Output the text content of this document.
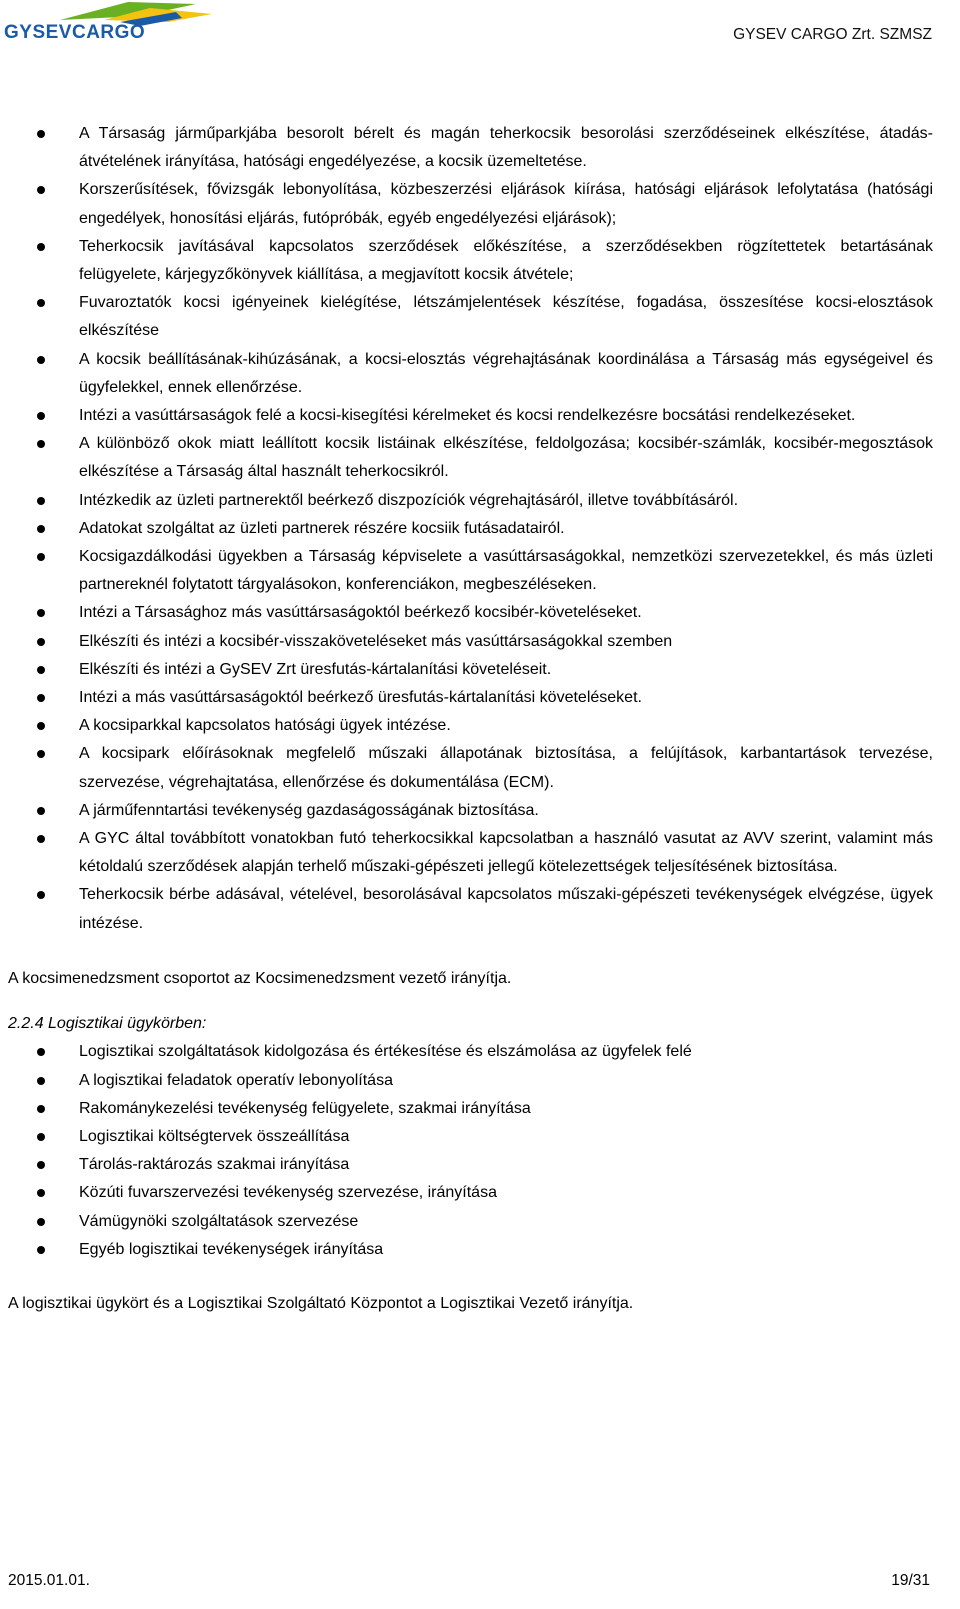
GYSEVCARGO	GYSEV CARGO Zrt. SZMSZ
A Társaság járműparkjába besorolt bérelt és magán teherkocsik besorolási szerződéseinek elkészítése, átadás-átvételének irányítása, hatósági engedélyezése, a kocsik üzemeltetése.
Korszerűsítések, fővizsgák lebonyolítása, közbeszerzési eljárások kiírása, hatósági eljárások lefolytatása (hatósági engedélyek, honosítási eljárás, futópróbák, egyéb engedélyezési eljárások);
Teherkocsik javításával kapcsolatos szerződések előkészítése, a szerződésekben rögzítettetek betartásának felügyelete, kárjegyzőkönyvek kiállítása, a megjavított kocsik átvétele;
Fuvaroztatók kocsi igényeinek kielégítése, létszámjelentések készítése, fogadása, összesítése kocsi-elosztások elkészítése
A kocsik beállításának-kihúzásának, a kocsi-elosztás végrehajtásának koordinálása a Társaság más egységeivel és ügyfelekkel, ennek ellenőrzése.
Intézi a vasúttársaságok felé a kocsi-kisegítési kérelmeket és kocsi rendelkezésre bocsátási rendelkezéseket.
A különböző okok miatt leállított kocsik listáinak elkészítése, feldolgozása; kocsibér-számlák, kocsibér-megosztások elkészítése a Társaság által használt teherkocsikról.
Intézkedik az üzleti partnerektől beérkező diszpozíciók végrehajtásáról, illetve továbbításáról.
Adatokat szolgáltat az üzleti partnerek részére kocsiik futásadatairól.
Kocsigazdálkodási ügyekben a Társaság képviselete a vasúttársaságokkal, nemzetközi szervezetekkel, és más üzleti partnereknél folytatott tárgyalásokon, konferenciákon, megbeszéléseken.
Intézi a Társasághoz más vasúttársaságoktól beérkező kocsibér-követeléseket.
Elkészíti és intézi a kocsibér-visszaköveteléseket más vasúttársaságokkal szemben
Elkészíti és intézi a GySEV Zrt üresfutás-kártalanítási követeléseit.
Intézi a más vasúttársaságoktól beérkező üresfutás-kártalanítási követeléseket.
A kocsiparkkal kapcsolatos hatósági ügyek intézése.
A kocsipark előírásoknak megfelelő műszaki állapotának biztosítása, a felújítások, karbantartások tervezése, szervezése, végrehajtatása, ellenőrzése és dokumentálása (ECM).
A járműfenntartási tevékenység gazdaságosságának biztosítása.
A GYC által továbbított vonatokban futó teherkocsikkal kapcsolatban a használó vasutat az AVV szerint, valamint más kétoldalú szerződések alapján terhelő műszaki-gépészeti jellegű kötelezettségek teljesítésének biztosítása.
Teherkocsik bérbe adásával, vételével, besorolásával kapcsolatos műszaki-gépészeti tevékenységek elvégzése, ügyek intézése.

A kocsimenedzsment csoportot az Kocsimenedzsment vezető irányítja.

2.2.4 Logisztikai ügykörben:

Logisztikai szolgáltatások kidolgozása és értékesítése és elszámolása az ügyfelek felé
A logisztikai feladatok operatív lebonyolítása
Rakománykezelési tevékenység felügyelete, szakmai irányítása
Logisztikai költségtervek összeállítása
Tárolás-raktározás szakmai irányítása
Közúti fuvarszervezési tevékenység szervezése, irányítása
Vámügynöki szolgáltatások szervezése
Egyéb logisztikai tevékenységek irányítása

A logisztikai ügykört és a Logisztikai Szolgáltató Központot a Logisztikai Vezető irányítja.

2015.01.01.	19/31
